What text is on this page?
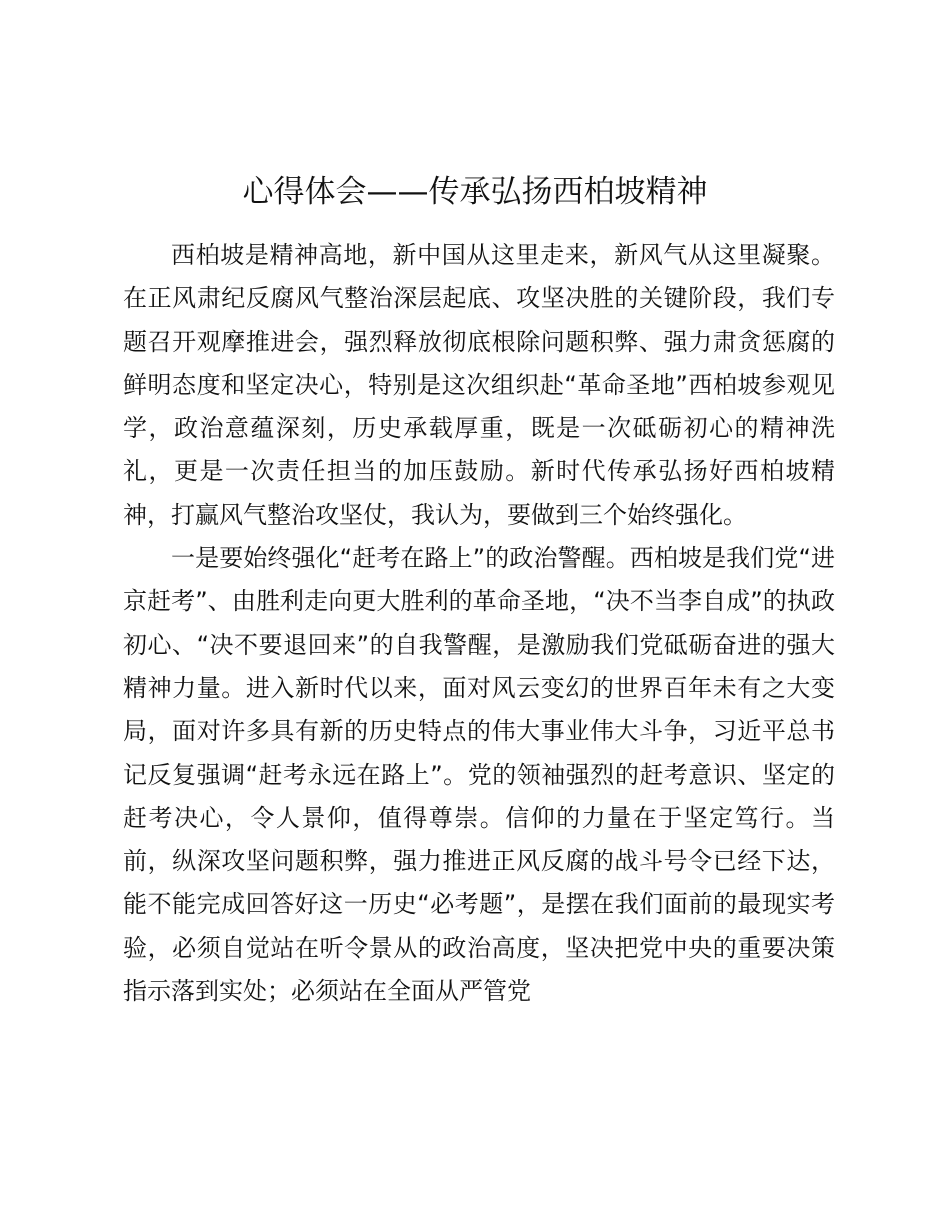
心得体会——传承弘扬西柏坡精神

西柏坡是精神高地，新中国从这里走来，新风气从这里凝聚。在正风肃纪反腐风气整治深层起底、攻坚决胜的关键阶段，我们专题召开观摩推进会，强烈释放彻底根除问题积弊、强力肃贪惩腐的鲜明态度和坚定决心，特别是这次组织赴“革命圣地”西柏坡参观见学，政治意蕴深刻，历史承载厚重，既是一次砥砺初心的精神洗礼，更是一次责任担当的加压鼓励。新时代传承弘扬好西柏坡精神，打赢风气整治攻坚仗，我认为，要做到三个始终强化。

一是要始终强化“赶考在路上”的政治警醒。西柏坡是我们党“进京赶考”、由胜利走向更大胜利的革命圣地，“决不当李自成”的执政初心、“决不要退回来”的自我警醒，是激励我们党砥砺奋进的强大精神力量。进入新时代以来，面对风云变幻的世界百年未有之大变局，面对许多具有新的历史特点的伟大事业伟大斗争，习近平总书记反复强调“赶考永远在路上”。党的领袖强烈的赶考意识、坚定的赶考决心，令人景仰，值得尊崇。信仰的力量在于坚定笃行。当前，纵深攻坚问题积弊，强力推进正风反腐的战斗号令已经下达，能不能完成回答好这一历史“必考题”，是摆在我们面前的最现实考验，必须自觉站在听令景从的政治高度，坚决把党中央的重要决策指示落到实处；必须站在全面从严管党
